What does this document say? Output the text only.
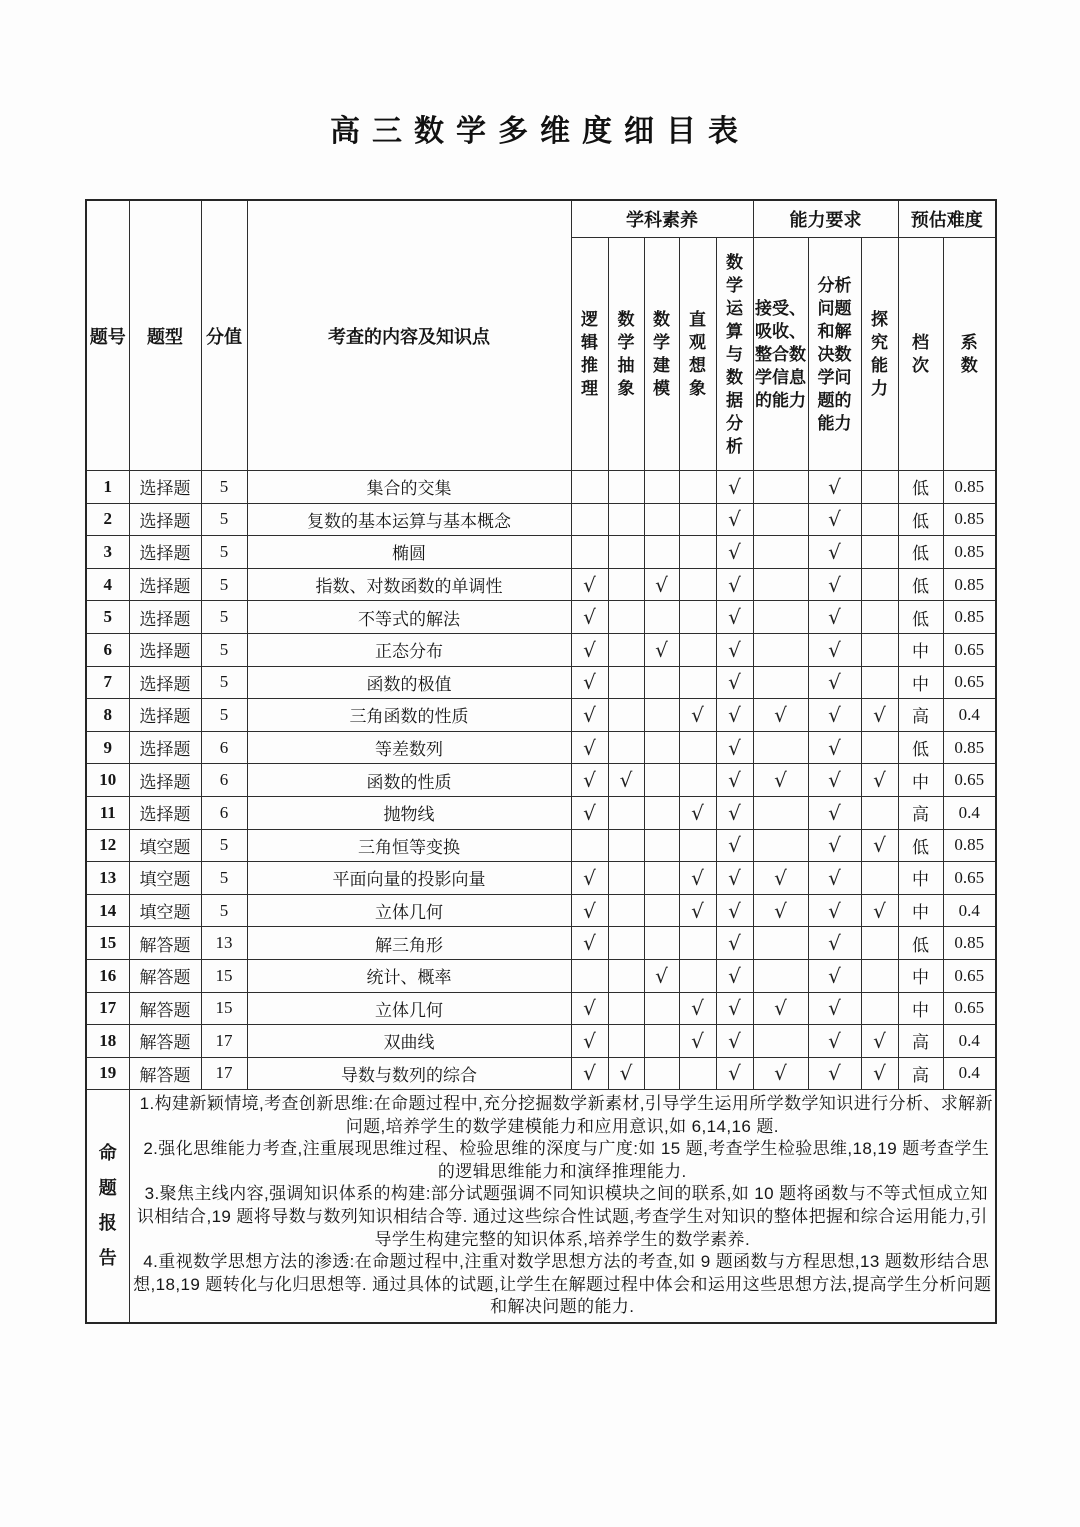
高三数学多维度细目表
题号	题型	分值	考查的内容及知识点	学科素养					能力要求			预估难度	
				逻辑推理	数学抽象	数学建模	直观想象	数学运算与数据分析	接受、吸收、整合数学信息的能力	分析问题和解决数学问题的能力	探究能力	档次	系数
1	选择题	5	集合的交集					√		√		低	0.85
2	选择题	5	复数的基本运算与基本概念					√		√		低	0.85
3	选择题	5	椭圆					√		√		低	0.85
4	选择题	5	指数、对数函数的单调性	√		√		√		√		低	0.85
5	选择题	5	不等式的解法	√				√		√		低	0.85
6	选择题	5	正态分布	√		√		√		√		中	0.65
7	选择题	5	函数的极值	√				√		√		中	0.65
8	选择题	5	三角函数的性质	√			√	√	√	√	√	高	0.4
9	选择题	6	等差数列	√				√		√		低	0.85
10	选择题	6	函数的性质	√	√			√	√	√	√	中	0.65
11	选择题	6	抛物线	√			√	√		√		高	0.4
12	填空题	5	三角恒等变换					√		√	√	低	0.85
13	填空题	5	平面向量的投影向量	√			√	√	√	√		中	0.65
14	填空题	5	立体几何	√			√	√	√	√	√	中	0.4
15	解答题	13	解三角形	√				√		√		低	0.85
16	解答题	15	统计、概率			√		√		√		中	0.65
17	解答题	15	立体几何	√			√	√	√	√		中	0.65
18	解答题	17	双曲线	√			√	√		√	√	高	0.4
19	解答题	17	导数与数列的综合	√	√			√	√	√	√	高	0.4
命题报告	1.构建新颖情境,考查创新思维:在命题过程中,充分挖掘数学新素材,引导学生运用所学数学知识进行分析、求解新问题,培养学生的数学建模能力和应用意识,如 6,14,16 题.

2.强化思维能力考查,注重展现思维过程、检验思维的深度与广度:如 15 题,考查学生检验思维,18,19 题考查学生的逻辑思维能力和演绎推理能力.

3.聚焦主线内容,强调知识体系的构建:部分试题强调不同知识模块之间的联系,如 10 题将函数与不等式恒成立知识相结合,19 题将导数与数列知识相结合等. 通过这些综合性试题,考查学生对知识的整体把握和综合运用能力,引导学生构建完整的知识体系,培养学生的数学素养.

4.重视数学思想方法的渗透:在命题过程中,注重对数学思想方法的考查,如 9 题函数与方程思想,13 题数形结合思想,18,19 题转化与化归思想等. 通过具体的试题,让学生在解题过程中体会和运用这些思想方法,提高学生分析问题和解决问题的能力.												
